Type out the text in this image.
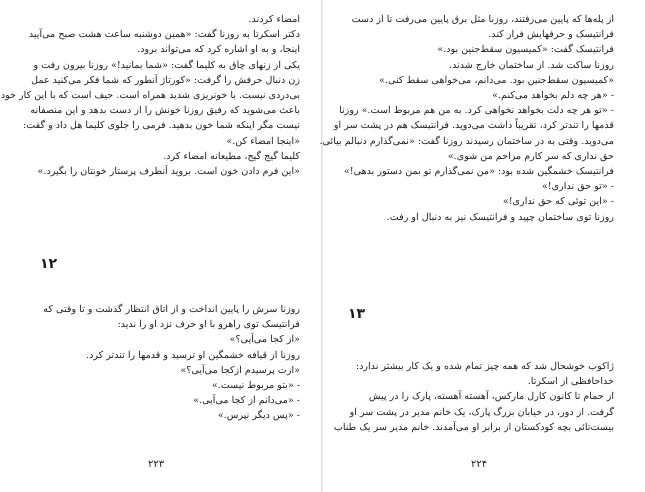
امضاء کردند.

دکتر اسکرتا به روزنا گفت: «همین دوشنبه ساعت هشت صبح می‌آیید

اینجا، و به او اشاره کرد که می‌تواند برود.

یکی از زنهای چاق به کلیما گفت: «شما بمانید!» روزنا بیرون رفت و

زن دنبال حرفش را گرفت: «کورتاژ آنطور که شما فکر می‌کنید عمل

بی‌دردی نیست. با خونریزی شدید همراه است. حیف است که با این کار خود

باعث می‌شوید که رفیق روزنا خونش را از دست بدهد و این منصفانه

نیست مگر اینکه شما خون بدهید. فرمی را جلوی کلیما هل داد و گفت:

«اینجا امضاء کن.»

کلیما گیج‌ گیج، مطیعانه امضاء کرد.

«این فرم دادن خون است. بروید آنطرف پرستار خونتان را بگیرد.»

۱۲

روزنا سرش را پایین انداخت و از اتاق انتظار گذشت و تا وقتی که

فرانتیسک توی راهرو با او حرف نزد او را ندید:

«از کجا می‌آیی؟»

روزنا از قیافه خشمگین او ترسید و قدمها را تندتر کرد.

«ازت پرسیدم ازکجا می‌آیی؟»

- «بتو مربوط نیست.»

- «می‌دانم از کجا می‌آیی.»

- «پس دیگر نپرس.»

۲۲۳

از پله‌ها که پایین می‌رفتند، روزنا مثل برق پایین می‌رفت تا از دست

فرانتیسک و حرفهایش فرار کند.

فرانتیسک گفت: «کمیسیون سقط‌جنین بود.»

روزنا ساکت شد. از ساختمان خارج شدند.

«کمیسیون سقط‌جنین بود. می‌دانم، می‌خواهی سقط کنی.»

- «هر چه دلم بخواهد می‌کنم.»

- «تو هر چه دلت بخواهد نخواهی کرد. به من هم مربوط است.» روزنا

قدمها را تندتر کرد، تقریباً داشت می‌دوید. فرانتیسک هم در پشت سر او

می‌دوید. وقتی به در ساختمان رسیدند روزنا گفت: «نمی‌گذارم دنبالم بیائی.

حق نداری که سر کارم مزاحم من شوی.»

فرانتیسک خشمگین شده بود: «من نمی‌گذارم تو بمن دستور بدهی!»

- «تو حق نداری!»

- «این تو‌ئی که حق نداری!»

روزنا توی ساختمان چپید و فرانتیسک نیز به دنبال او رفت.

۱۳

ژاکوب خوشحال شد که همه چیز تمام شده و یک کار بیشتر ندارد:

خداحافظی از اسکرتا.

از حمام تا کانون کارل مارکس، آهسته آهسته، پارک را در پیش

گرفت. از دور، در خیابان بزرگ پارک، یک خانم مدیر در پشت سر او

بیست‌تائی بچه کودکستان از برابر او می‌آمدند. خانم مدیر سر یک طناب

۲۲۴
